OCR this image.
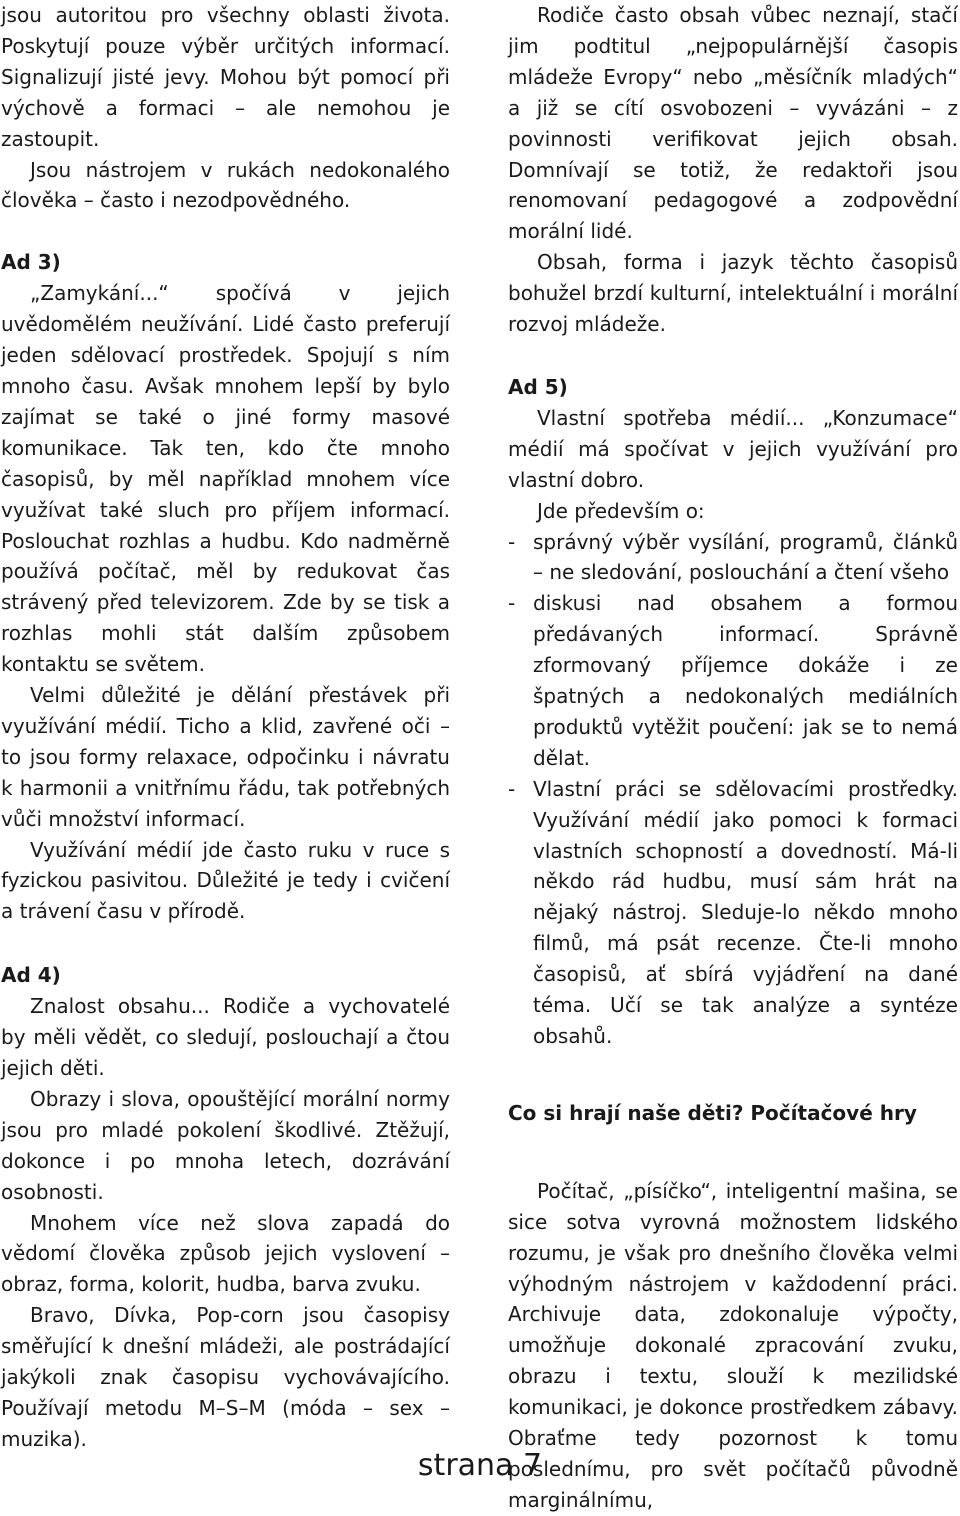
jsou autoritou pro všechny oblasti života. Poskytují pouze výběr určitých informací. Signalizují jisté jevy. Mohou být pomocí při výchově a formaci – ale nemohou je zastoupit.

Jsou nástrojem v rukách nedokonalého člověka – často i nezodpovědného.

Ad 3)

„Zamykání...“ spočívá v jejich uvědomělém neužívání. Lidé často preferují jeden sdělovací prostředek. Spojují s ním mnoho času. Avšak mnohem lepší by bylo zajímat se také o jiné formy masové komunikace. Tak ten, kdo čte mnoho časopisů, by měl například mnohem více využívat také sluch pro příjem informací. Poslouchat rozhlas a hudbu. Kdo nadměrně používá počítač, měl by redukovat čas strávený před televizorem. Zde by se tisk a rozhlas mohli stát dalším způsobem kontaktu se světem.

Velmi důležité je dělání přestávek při využívání médií. Ticho a klid, zavřené oči – to jsou formy relaxace, odpočinku i návratu k harmonii a vnitřnímu řádu, tak potřebných vůči množství informací.

Využívání médií jde často ruku v ruce s fyzickou pasivitou. Důležité je tedy i cvičení a trávení času v přírodě.

Ad 4)

Znalost obsahu... Rodiče a vychovatelé by měli vědět, co sledují, poslouchají a čtou jejich děti.

Obrazy i slova, opouštějící morální normy jsou pro mladé pokolení škodlivé. Ztěžují, dokonce i po mnoha letech, dozrávání osobnosti.

Mnohem více než slova zapadá do vědomí člověka způsob jejich vyslovení – obraz, forma, kolorit, hudba, barva zvuku.

Bravo, Dívka, Pop-corn jsou časopisy směřující k dnešní mládeži, ale postrádající jakýkoli znak časopisu vychovávajícího. Používají metodu M–S–M (móda – sex – muzika).

Rodiče často obsah vůbec neznají, stačí jim podtitul „nejpopulárnější časopis mládeže Evropy“ nebo „měsíčník mladých“ a již se cítí osvobozeni – vyvázáni – z povinnosti verifikovat jejich obsah. Domnívají se totiž, že redaktoři jsou renomovaní pedagogové a zodpovědní morální lidé.

Obsah, forma i jazyk těchto časopisů bohužel brzdí kulturní, intelektuální i morální rozvoj mládeže.

Ad 5)

Vlastní spotřeba médií... „Konzumace“ médií má spočívat v jejich využívání pro vlastní dobro.

Jde především o:

- správný výběr vysílání, programů, článků – ne sledování, poslouchání a čtení všeho
- diskusi nad obsahem a formou předávaných informací. Správně zformovaný příjemce dokáže i ze špatných a nedokonalých mediálních produktů vytěžit poučení: jak se to nemá dělat.
- Vlastní práci se sdělovacími prostředky. Využívání médií jako pomoci k formaci vlastních schopností a dovedností. Má-li někdo rád hudbu, musí sám hrát na nějaký nástroj. Sleduje-lo někdo mnoho filmů, má psát recenze. Čte-li mnoho časopisů, ať sbírá vyjádření na dané téma. Učí se tak analýze a syntéze obsahů.

Co si hrají naše děti? Počítačové hry

Počítač, „písíčko“, inteligentní mašina, se sice sotva vyrovná možnostem lidského rozumu, je však pro dnešního člověka velmi výhodným nástrojem v každodenní práci. Archivuje data, zdokonaluje výpočty, umožňuje dokonalé zpracování zvuku, obrazu i textu, slouží k mezilidské komunikaci, je dokonce prostředkem zábavy. Obraťme tedy pozornost k tomu poslednímu, pro svět počítačů původně marginálnímu,

strana 7
